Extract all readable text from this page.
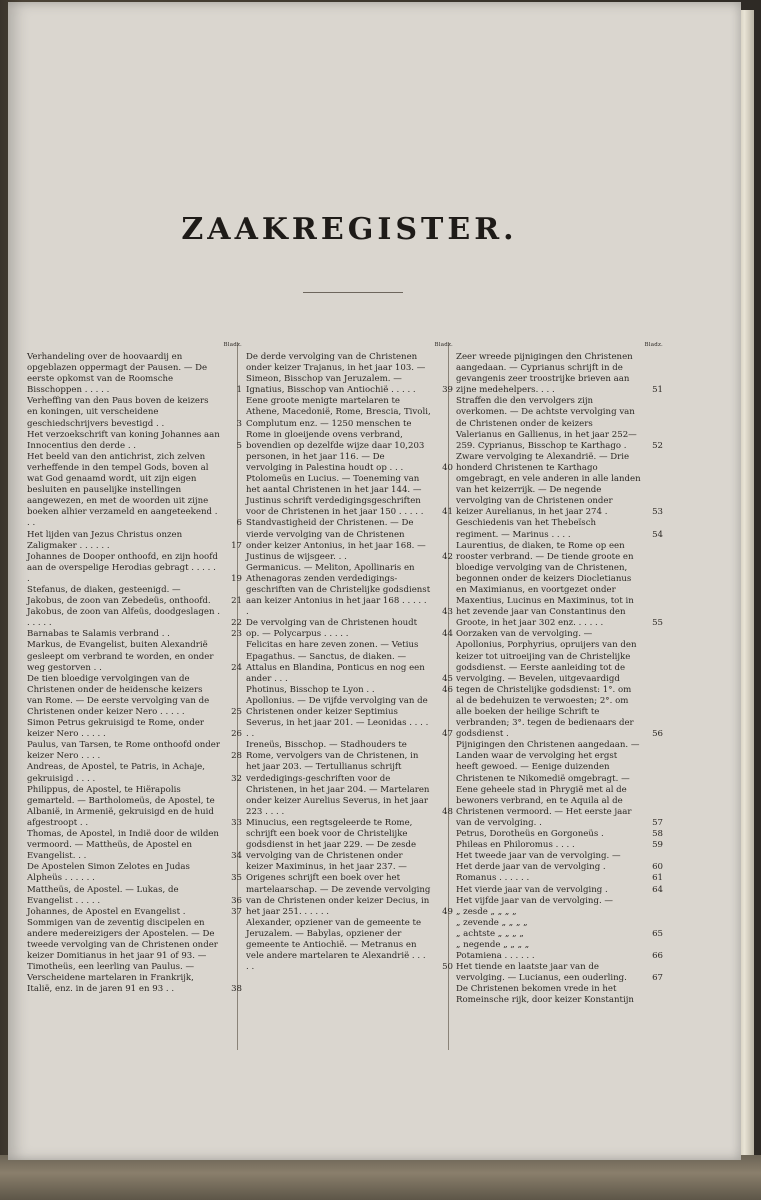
ZAAKREGISTER.
Bladz.
Verhandeling over de hoovaardij en opgeblazen oppermagt der Pausen. — De eerste opkomst van de Roomsche Bisschoppen . . . . .	1
Verheffing van den Paus boven de keizers en koningen, uit verscheidene geschiedschrijvers bevestigd . .	3
Het verzoekschrift van koning Johannes aan Innocentius den derde . .	5
Het beeld van den antichrist, zich zelven verheffende in den tempel Gods, boven al wat God genaamd wordt, uit zijn eigen besluiten en pauselijke instellingen aangewezen, en met de woorden uit zijne boeken alhier verzameld en aangeteekend . . .	6
Het lijden van Jezus Christus onzen Zaligmaker . . . . . .	17
Johannes de Dooper onthoofd, en zijn hoofd aan de overspelige Herodias gebragt . . . . . .	19
Stefanus, de diaken, gesteenigd. — Jakobus, de zoon van Zebedeüs, onthoofd.	21
Jakobus, de zoon van Alfeüs, doodgeslagen . . . . . .	22
Barnabas te Salamis verbrand . .	23
Markus, de Evangelist, buiten Alexandrië gesleept om verbrand te worden, en onder weg gestorven . .	24
De tien bloedige vervolgingen van de Christenen onder de heidensche keizers van Rome. — De eerste vervolging van de Christenen onder keizer Nero . . . . .	25
Simon Petrus gekruisigd te Rome, onder keizer Nero . . . . .	26
Paulus, van Tarsen, te Rome onthoofd onder keizer Nero . . . .	28
Andreas, de Apostel, te Patris, in Achaje, gekruisigd . . . .	32
Philippus, de Apostel, te Hiërapolis gemarteld. — Bartholomeüs, de Apostel, te Albanië, in Armenië, gekruisigd en de huid afgestroopt . .	33
Thomas, de Apostel, in Indië door de wilden vermoord. — Mattheüs, de Apostel en Evangelist. . .	34
De Apostelen Simon Zelotes en Judas Alpheüs . . . . . .	35
Mattheüs, de Apostel. — Lukas, de Evangelist . . . . .	36
Johannes, de Apostel en Evangelist .	37
Sommigen van de zeventig discipelen en andere medereizigers der Apostelen. — De tweede vervolging van de Christenen onder keizer Domitianus in het jaar 91 of 93. — Timotheüs, een leerling van Paulus. — Verscheidene martelaren in Frankrijk, Italië, enz. in de jaren 91 en 93 . .	38
Bladz.
De derde vervolging van de Christenen onder keizer Trajanus, in het jaar 103. — Simeon, Bisschop van Jeruzalem. — Ignatius, Bisschop van Antiochië . . . . .	39
Eene groote menigte martelaren te Athene, Macedonië, Rome, Brescia, Tivoli, Complutum enz. — 1250 menschen te Rome in gloeijende ovens verbrand, bovendien op dezelfde wijze daar 10,203 personen, in het jaar 116. — De vervolging in Palestina houdt op . . .	40
Ptolomeüs en Lucius. — Toeneming van het aantal Christenen in het jaar 144. — Justinus schrift verdedigingsgeschriften voor de Christenen in het jaar 150 . . . . .	41
Standvastigheid der Christenen. — De vierde vervolging van de Christenen onder keizer Antonius, in het jaar 168. — Justinus de wijsgeer. . .	42
Germanicus. — Meliton, Apollinaris en Athenagoras zenden verdedigings-geschriften van de Christelijke godsdienst aan keizer Antonius in het jaar 168 . . . . . .	43
De vervolging van de Christenen houdt op. — Polycarpus . . . . .	44
Felicitas en hare zeven zonen. — Vetius Epagathus. — Sanctus, de diaken. — Attalus en Blandina, Ponticus en nog een ander . . .	45
Photinus, Bisschop te Lyon . .	46
Apollonius. — De vijfde vervolging van de Christenen onder keizer Septimius Severus, in het jaar 201. — Leonidas . . . . . .	47
Ireneüs, Bisschop. — Stadhouders te Rome, vervolgers van de Christenen, in het jaar 203. — Tertullianus schrijft verdedigings-geschriften voor de Christenen, in het jaar 204. — Martelaren onder keizer Aurelius Severus, in het jaar 223 . . . .	48
Minucius, een regtsgeleerde te Rome, schrijft een boek voor de Christelijke godsdienst in het jaar 229. — De zesde vervolging van de Christenen onder keizer Maximinus, in het jaar 237. — Origenes schrijft een boek over het martelaarschap. — De zevende vervolging van de Christenen onder keizer Decius, in het jaar 251. . . . . .	49
Alexander, opziener van de gemeente te Jeruzalem. — Babylas, opziener der gemeente te Antiochië. — Metranus en vele andere martelaren te Alexandrië . . . . .	50
Bladz.
Zeer wreede pijnigingen den Christenen aangedaan. — Cyprianus schrijft in de gevangenis zeer troostrijke brieven aan zijne medehelpers. . . .	51
Straffen die den vervolgers zijn overkomen. — De achtste vervolging van de Christenen onder de keizers Valerianus en Gallienus, in het jaar 252—259. Cyprianus, Bisschop te Karthago .	52
Zware vervolging te Alexandrië. — Drie honderd Christenen te Karthago omgebragt, en vele anderen in alle landen van het keizerrijk. — De negende vervolging van de Christenen onder keizer Aurelianus, in het jaar 274 .	53
Geschiedenis van het Thebeïsch regiment. — Marinus . . . .	54
Laurentius, de diaken, te Rome op een rooster verbrand. — De tiende groote en bloedige vervolging van de Christenen, begonnen onder de keizers Diocletianus en Maximianus, en voortgezet onder Maxentius, Lucinus en Maximinus, tot in het zevende jaar van Constantinus den Groote, in het jaar 302 enz. . . . . .	55
Oorzaken van de vervolging. — Apollonius, Porphyrius, opruijers van den keizer tot uitroeijing van de Christelijke godsdienst. — Eerste aanleiding tot de vervolging. — Bevelen, uitgevaardigd tegen de Christelijke godsdienst: 1°. om al de bedehuizen te verwoesten; 2°. om alle boeken der heilige Schrift te verbranden; 3°. tegen de bedienaars der godsdienst .	56
Pijnigingen den Christenen aangedaan. — Landen waar de vervolging het ergst heeft gewoed. — Eenige duizenden Christenen te Nikomedië omgebragt. — Eene geheele stad in Phrygië met al de bewoners verbrand, en te Aquila al de Christenen vermoord. — Het eerste jaar van de vervolging. .	57
Petrus, Dorotheüs en Gorgoneüs .	58
Phileas en Philoromus . . . .	59
Het tweede jaar van de vervolging. —
Het derde jaar van de vervolging .	60
Romanus . . . . . .	61
Het vierde jaar van de vervolging .	64
Het vijfde jaar van de vervolging. —
„ zesde „ „ „ „
„ zevende „ „ „ „
„ achtste „ „ „ „	65
„ negende „ „ „ „
Potamiena . . . . . .	66
Het tiende en laatste jaar van de vervolging. — Lucianus, een ouderling.	67
De Christenen bekomen vrede in het Romeinsche rijk, door keizer Konstantijn
